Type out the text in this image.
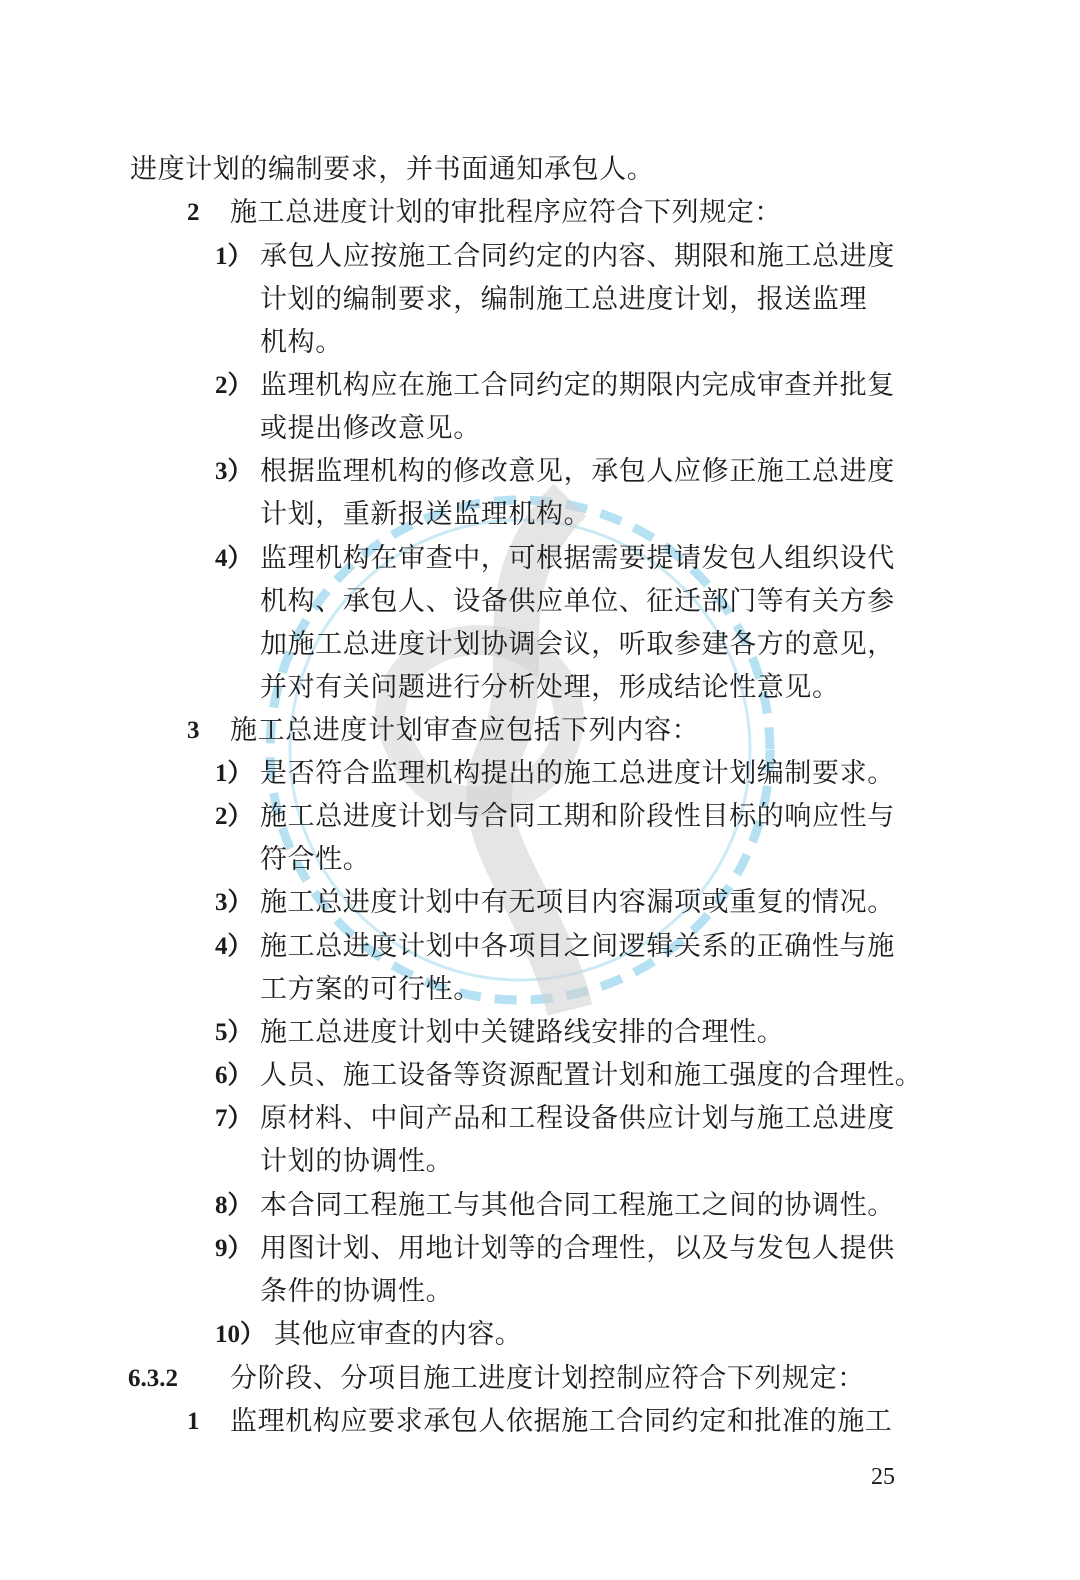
进度计划的编制要求，并书面通知承包人。
2 施工总进度计划的审批程序应符合下列规定：
1） 承包人应按施工合同约定的内容、期限和施工总进度
计划的编制要求，编制施工总进度计划，报送监理
机构。
2） 监理机构应在施工合同约定的期限内完成审查并批复
或提出修改意见。
3） 根据监理机构的修改意见，承包人应修正施工总进度
计划，重新报送监理机构。
4） 监理机构在审查中，可根据需要提请发包人组织设代
机构、承包人、设备供应单位、征迁部门等有关方参
加施工总进度计划协调会议，听取参建各方的意见，
并对有关问题进行分析处理，形成结论性意见。
3 施工总进度计划审查应包括下列内容：
1） 是否符合监理机构提出的施工总进度计划编制要求。
2） 施工总进度计划与合同工期和阶段性目标的响应性与
符合性。
3） 施工总进度计划中有无项目内容漏项或重复的情况。
4） 施工总进度计划中各项目之间逻辑关系的正确性与施
工方案的可行性。
5） 施工总进度计划中关键路线安排的合理性。
6） 人员、施工设备等资源配置计划和施工强度的合理性。
7） 原材料、中间产品和工程设备供应计划与施工总进度
计划的协调性。
8） 本合同工程施工与其他合同工程施工之间的协调性。
9） 用图计划、用地计划等的合理性，以及与发包人提供
条件的协调性。
10） 其他应审查的内容。
6.3.2 分阶段、分项目施工进度计划控制应符合下列规定：
1 监理机构应要求承包人依据施工合同约定和批准的施工
25
